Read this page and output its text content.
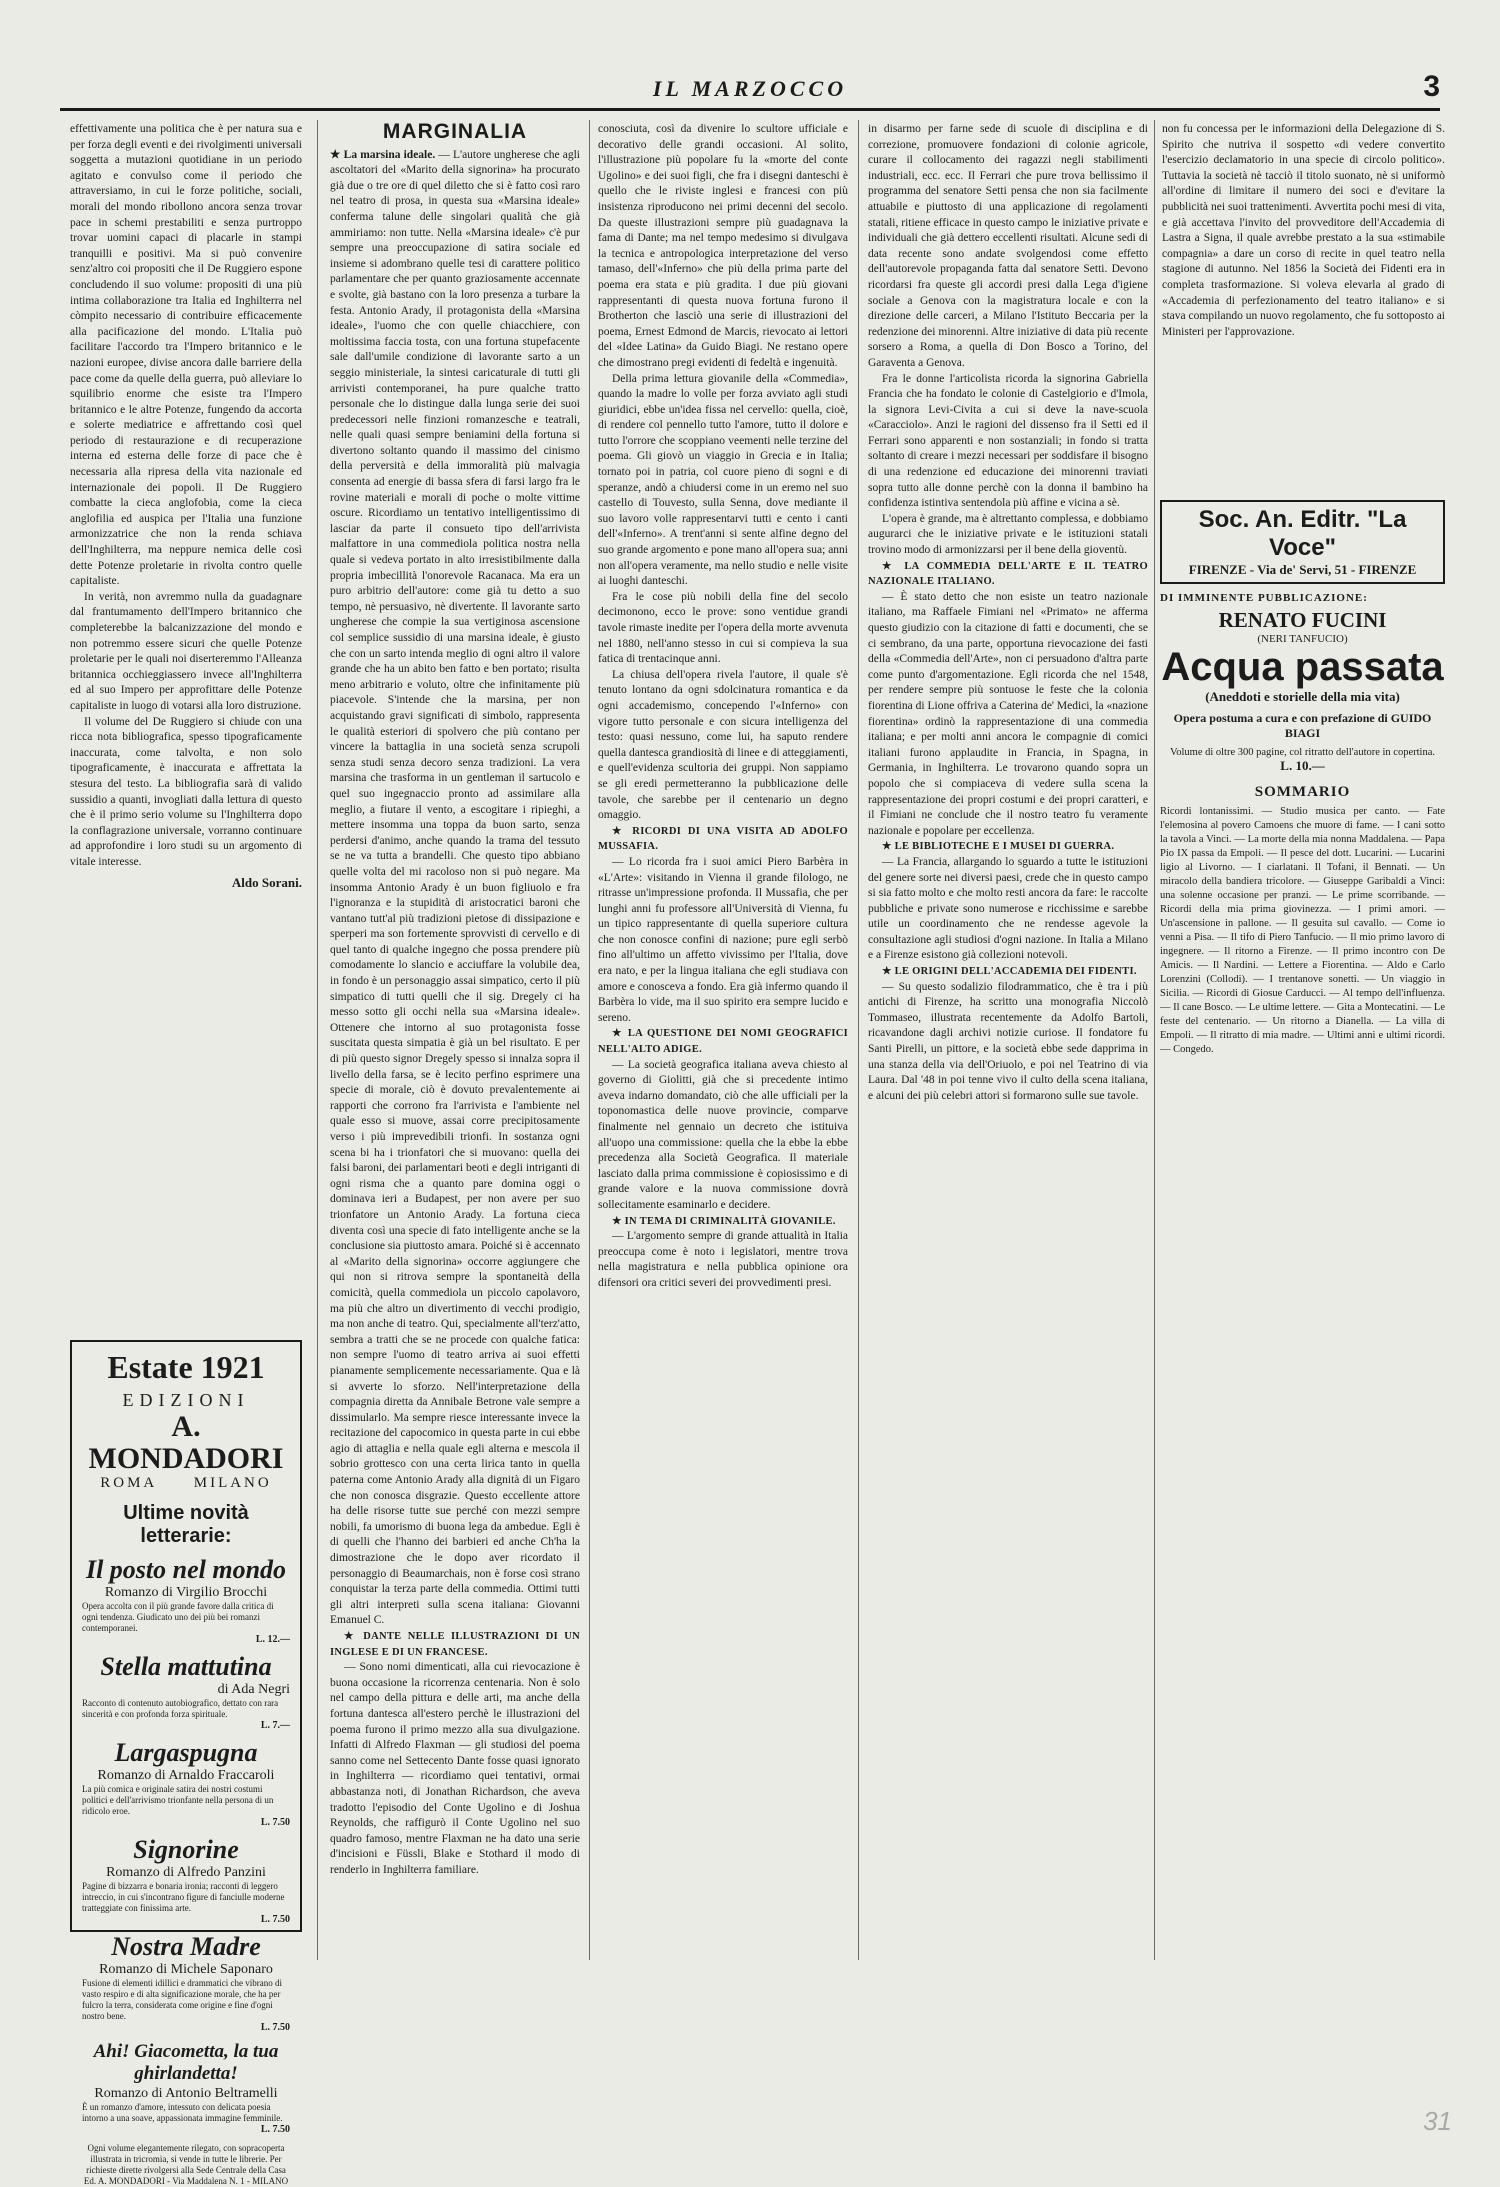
IL MARZOCCO	3

effettivamente una politica che è per natura sua e per forza degli eventi e dei rivolgimenti universali soggetta a mutazioni quotidiane in un periodo agitato e convulso come il periodo che attraversiamo, in cui le forze politiche, sociali, morali del mondo ribollono ancora senza trovar pace in schemi prestabiliti e senza purtroppo trovar uomini capaci di placarle in stampi tranquilli e positivi. Ma si può convenire senz'altro coi propositi che il De Ruggiero espone concludendo il suo volume: propositi di una più intima collaborazione tra Italia ed Inghilterra nel còmpito necessario di contribuire efficacemente alla pacificazione del mondo. L'Italia può facilitare l'accordo tra l'Impero britannico e le nazioni europee, divise ancora dalle barriere della pace come da quelle della guerra, può alleviare lo squilibrio enorme che esiste tra l'Impero britannico e le altre Potenze, fungendo da accorta e solerte mediatrice e affrettando così quel periodo di restaurazione e di recuperazione interna ed esterna delle forze di pace che è necessaria alla ripresa della vita nazionale ed internazionale dei popoli. Il De Ruggiero combatte la cieca anglofobia, come la cieca anglofilia ed auspica per l'Italia una funzione armonizzatrice che non la renda schiava dell'Inghilterra, ma neppure nemica delle così dette Potenze proletarie in rivolta contro quelle capitaliste.

In verità, non avremmo nulla da guadagnare dal frantumamento dell'Impero britannico che completerebbe la balcanizzazione del mondo e non potremmo essere sicuri che quelle Potenze proletarie per le quali noi diserteremmo l'Alleanza britannica occhieggiassero invece all'Inghilterra ed al suo Impero per approfittare delle Potenze capitaliste in luogo di votarsi alla loro distruzione.

Il volume del De Ruggiero si chiude con una ricca nota bibliografica, spesso tipograficamente inaccurata, come talvolta, e non solo tipograficamente, è inaccurata e affrettata la stesura del testo. La bibliografia sarà di valido sussidio a quanti, invogliati dalla lettura di questo che è il primo serio volume su l'Inghilterra dopo la conflagrazione universale, vorranno continuare ad approfondire i loro studi su un argomento di vitale interesse.

Aldo Sorani.
Estate 1921
EDIZIONI
A. MONDADORI
ROMA MILANO
Ultime novità letterarie:
Il posto nel mondo
Romanzo di Virgilio Brocchi
Opera accolta con il più grande favore dalla critica di ogni tendenza. Giudicato uno dei più bei romanzi contemporanei.
L. 12.—
Stella mattutina
di Ada Negri
Racconto di contenuto autobiografico, dettato con rara sincerità e con profonda forza spirituale.
L. 7.—
Largaspugna
Romanzo di Arnaldo Fraccaroli
La più comica e originale satira dei nostri costumi politici e dell'arrivismo trionfante nella persona di un ridicolo eroe.
L. 7.50
Signorine
Romanzo di Alfredo Panzini
Pagine di bizzarra e bonaria ironia; racconti di leggero intreccio, in cui s'incontrano figure di fanciulle moderne tratteggiate con finissima arte.
L. 7.50
Nostra Madre
Romanzo di Michele Saponaro
Fusione di elementi idillici e drammatici che vibrano di vasto respiro e di alta significazione morale, che ha per fulcro la terra, considerata come origine e fine d'ogni nostro bene.
L. 7.50
Ahi! Giacometta, la tua ghirlandetta!
Romanzo di Antonio Beltramelli
È un romanzo d'amore, intessuto con delicata poesia intorno a una soave, appassionata immagine femminile.
L. 7.50
Ogni volume elegantemente rilegato, con sopracoperta illustrata in tricromia, si vende in tutte le librerie. Per richieste dirette rivolgersi alla Sede Centrale della Casa Ed. A. MONDADORI - Via Maddalena N. 1 - MILANO
MARGINALIA

★ La marsina ideale. — L'autore ungherese che agli ascoltatori del «Marito della signorina» ha procurato già due o tre ore di quel diletto che si è fatto così raro nel teatro di prosa, in questa sua «Marsina ideale» conferma talune delle singolari qualità che già ammiriamo: non tutte. Nella «Marsina ideale» c'è pur sempre una preoccupazione di satira sociale ed insieme si adombrano quelle tesi di carattere politico parlamentare che per quanto graziosamente accennate e svolte, già bastano con la loro presenza a turbare la festa. Antonio Arady, il protagonista della «Marsina ideale», l'uomo che con quelle chiacchiere, con moltissima faccia tosta, con una fortuna stupefacente sale dall'umile condizione di lavorante sarto a un seggio ministeriale, la sintesi caricaturale di tutti gli arrivisti contemporanei, ha pure qualche tratto personale che lo distingue dalla lunga serie dei suoi predecessori nelle finzioni romanzesche e teatrali, nelle quali quasi sempre beniamini della fortuna si divertono soltanto quando il massimo del cinismo della perversità e della immoralità più malvagia consenta ad energie di bassa sfera di farsi largo fra le rovine materiali e morali di poche o molte vittime oscure. Ricordiamo un tentativo intelligentissimo di lasciar da parte il consueto tipo dell'arrivista malfattore in una commediola politica nostra nella quale si vedeva portato in alto irresistibilmente dalla propria imbecillità l'onorevole Racanaca. Ma era un puro arbitrio dell'autore: come già tu detto a suo tempo, nè persuasivo, nè divertente. Il lavorante sarto ungherese che compie la sua vertiginosa ascensione col semplice sussidio di una marsina ideale, è giusto che con un sarto intenda meglio di ogni altro il valore grande che ha un abito ben fatto e ben portato; risulta meno arbitrario e voluto, oltre che infinitamente più piacevole. S'intende che la marsina, per non acquistando gravi significati di simbolo, rappresenta le qualità esteriori di spolvero che più contano per vincere la battaglia in una società senza scrupoli senza studi senza decoro senza tradizioni. La vera marsina che trasforma in un gentleman il sartucolo e quel suo ingegnaccio pronto ad assimilare alla meglio, a fiutare il vento, a escogitare i ripieghi, a mettere insomma una toppa da buon sarto, senza perdersi d'animo, anche quando la trama del tessuto se ne va tutta a brandelli. Che questo tipo abbiano quelle volta del mi racoloso non si può negare. Ma insomma Antonio Arady è un buon figliuolo e fra l'ignoranza e la stupidità di aristocratici baroni che vantano tutt'al più tradizioni pietose di dissipazione e sperperi ma son fortemente sprovvisti di cervello e di quel tanto di qualche ingegno che possa prendere più comodamente lo slancio e acciuffare la volubile dea, in fondo è un personaggio assai simpatico, certo il più simpatico di tutti quelli che il sig. Dregely ci ha messo sotto gli occhi nella sua «Marsina ideale». Ottenere che intorno al suo protagonista fosse suscitata questa simpatia è già un bel risultato. E per di più questo signor Dregely spesso si innalza sopra il livello della farsa, se è lecito perfino esprimere una specie di morale, ciò è dovuto prevalentemente ai rapporti che corrono fra l'arrivista e l'ambiente nel quale esso si muove, assai corre precipitosamente verso i più imprevedibili trionfi. In sostanza ogni scena bi ha i trionfatori che si muovano: quella dei falsi baroni, dei parlamentari beoti e degli intriganti di ogni risma che a quanto pare domina oggi o dominava ieri a Budapest, per non avere per suo trionfatore un Antonio Arady. La fortuna cieca diventa così una specie di fato intelligente anche se la conclusione sia piuttosto amara. Poiché si è accennato al «Marito della signorina» occorre aggiungere che qui non si ritrova sempre la spontaneità della comicità, quella commediola un piccolo capolavoro, ma più che altro un divertimento di vecchi prodigio, ma non anche di teatro. Qui, specialmente all'terz'atto, sembra a tratti che se ne procede con qualche fatica: non sempre l'uomo di teatro arriva ai suoi effetti pianamente semplicemente necessariamente. Qua e là si avverte lo sforzo. Nell'interpretazione della compagnia diretta da Annibale Betrone vale sempre a dissimularlo. Ma sempre riesce interessante invece la recitazione del capocomico in questa parte in cui ebbe agio di attaglia e nella quale egli alterna e mescola il sobrio grottesco con una certa lirica tanto in quella paterna come Antonio Arady alla dignità di un Figaro che non conosca disgrazie. Questo eccellente attore ha delle risorse tutte sue perché con mezzi sempre nobili, fa umorismo di buona lega da ambedue. Egli è di quelli che l'hanno dei barbieri ed anche Ch'ha la dimostrazione che le dopo aver ricordato il personaggio di Beaumarchais, non è forse così strano conquistar la terza parte della commedia. Ottimi tutti gli altri interpreti sulla scena italiana: Giovanni Emanuel C.

★ DANTE NELLE ILLUSTRAZIONI DI UN INGLESE E DI UN FRANCESE.

— Sono nomi dimenticati, alla cui rievocazione è buona occasione la ricorrenza centenaria. Non è solo nel campo della pittura e delle arti, ma anche della fortuna dantesca all'estero perchè le illustrazioni del poema furono il primo mezzo alla sua divulgazione. Infatti di Alfredo Flaxman — gli studiosi del poema sanno come nel Settecento Dante fosse quasi ignorato in Inghilterra — ricordiamo quei tentativi, ormai abbastanza noti, di Jonathan Richardson, che aveva tradotto l'episodio del Conte Ugolino e di Joshua Reynolds, che raffigurò il Conte Ugolino nel suo quadro famoso, mentre Flaxman ne ha dato una serie d'incisioni e Füssli, Blake e Stothard il modo di renderlo in Inghilterra familiare.

conosciuta, così da divenire lo scultore ufficiale e decorativo delle grandi occasioni. Al solito, l'illustrazione più popolare fu la «morte del conte Ugolino» e dei suoi figli, che fra i disegni danteschi è quello che le riviste inglesi e francesi con più insistenza riproducono nei primi decenni del secolo. Da queste illustrazioni sempre più guadagnava la fama di Dante; ma nel tempo medesimo si divulgava la tecnica e antropologica interpretazione del verso tamaso, dell'«Inferno» che più della prima parte del poema era stata e più gradita. I due più giovani rappresentanti di questa nuova fortuna furono il Brotherton che lasciò una serie di illustrazioni del poema, Ernest Edmond de Marcis, rievocato ai lettori del «Idee Latina» da Guido Biagi. Ne restano opere che dimostrano pregi evidenti di fedeltà e ingenuità.

Della prima lettura giovanile della «Commedia», quando la madre lo volle per forza avviato agli studi giuridici, ebbe un'idea fissa nel cervello: quella, cioè, di rendere col pennello tutto l'amore, tutto il dolore e tutto l'orrore che scoppiano veementi nelle terzine del poema. Gli giovò un viaggio in Grecia e in Italia; tornato poi in patria, col cuore pieno di sogni e di speranze, andò a chiudersi come in un eremo nel suo castello di Touvesto, sulla Senna, dove mediante il suo lavoro volle rappresentarvi tutti e cento i canti dell'«Inferno». A trent'anni si sente alfine degno del suo grande argomento e pone mano all'opera sua; anni non all'opera veramente, ma nello studio e nelle visite ai luoghi danteschi.

Fra le cose più nobili della fine del secolo decimonono, ecco le prove: sono ventidue grandi tavole rimaste inedite per l'opera della morte avvenuta nel 1880, nell'anno stesso in cui si compieva la sua fatica di trentacinque anni.

La chiusa dell'opera rivela l'autore, il quale s'è tenuto lontano da ogni sdolcinatura romantica e da ogni accademismo, concependo l'«Inferno» con vigore tutto personale e con sicura intelligenza del testo: quasi nessuno, come lui, ha saputo rendere quella dantesca grandiosità di linee e di atteggiamenti, e quell'evidenza scultoria dei gruppi. Non sappiamo se gli eredi permetteranno la pubblicazione delle tavole, che sarebbe per il centenario un degno omaggio.

★ RICORDI DI UNA VISITA AD ADOLFO MUSSAFIA.

— Lo ricorda fra i suoi amici Piero Barbèra in «L'Arte»: visitando in Vienna il grande filologo, ne ritrasse un'impressione profonda. Il Mussafia, che per lunghi anni fu professore all'Università di Vienna, fu un tipico rappresentante di quella superiore cultura che non conosce confini di nazione; pure egli serbò fino all'ultimo un affetto vivissimo per l'Italia, dove era nato, e per la lingua italiana che egli studiava con amore e conosceva a fondo. Era già infermo quando il Barbèra lo vide, ma il suo spirito era sempre lucido e sereno.

★ LA QUESTIONE DEI NOMI GEOGRAFICI NELL'ALTO ADIGE.

— La società geografica italiana aveva chiesto al governo di Giolitti, già che si precedente intimo aveva indarno domandato, ciò che alle ufficiali per la toponomastica delle nuove provincie, comparve finalmente nel gennaio un decreto che istituiva all'uopo una commissione: quella che la ebbe la ebbe precedenza alla Società Geografica. Il materiale lasciato dalla prima commissione è copiosissimo e di grande valore e la nuova commissione dovrà sollecitamente esaminarlo e decidere.

★ IN TEMA DI CRIMINALITÀ GIOVANILE.

— L'argomento sempre di grande attualità in Italia preoccupa come è noto i legislatori, mentre trova nella magistratura e nella pubblica opinione ora difensori ora critici severi dei provvedimenti presi.

in disarmo per farne sede di scuole di disciplina e di correzione, promuovere fondazioni di colonie agricole, curare il collocamento dei ragazzi negli stabilimenti industriali, ecc. ecc. Il Ferrari che pure trova bellissimo il programma del senatore Setti pensa che non sia facilmente attuabile e piuttosto di una applicazione di regolamenti statali, ritiene efficace in questo campo le iniziative private e individuali che già dettero eccellenti risultati. Alcune sedi di data recente sono andate svolgendosi come effetto dell'autorevole propaganda fatta dal senatore Setti. Devono ricordarsi fra queste gli accordi presi dalla Lega d'igiene sociale a Genova con la magistratura locale e con la direzione delle carceri, a Milano l'Istituto Beccaria per la redenzione dei minorenni. Altre iniziative di data più recente sorsero a Roma, a quella di Don Bosco a Torino, del Garaventa a Genova.

Fra le donne l'articolista ricorda la signorina Gabriella Francia che ha fondato le colonie di Castelgiorio e d'Imola, la signora Levi-Civita a cui si deve la nave-scuola «Caracciolo». Anzi le ragioni del dissenso fra il Setti ed il Ferrari sono apparenti e non sostanziali; in fondo si tratta soltanto di creare i mezzi necessari per soddisfare il bisogno di una redenzione ed educazione dei minorenni traviati sopra tutto alle donne perchè con la donna il bambino ha confidenza istintiva sentendola più affine e vicina a sè.

L'opera è grande, ma è altrettanto complessa, e dobbiamo augurarci che le iniziative private e le istituzioni statali trovino modo di armonizzarsi per il bene della gioventù.

★ LA COMMEDIA DELL'ARTE E IL TEATRO NAZIONALE ITALIANO.

— È stato detto che non esiste un teatro nazionale italiano, ma Raffaele Fimiani nel «Primato» ne afferma questo giudizio con la citazione di fatti e documenti, che se ci sembrano, da una parte, opportuna rievocazione dei fasti della «Commedia dell'Arte», non ci persuadono d'altra parte come punto d'argomentazione. Egli ricorda che nel 1548, per rendere sempre più sontuose le feste che la colonia fiorentina di Lione offriva a Caterina de' Medici, la «nazione fiorentina» ordinò la rappresentazione di una commedia italiana; e per molti anni ancora le compagnie di comici italiani furono applaudite in Francia, in Spagna, in Germania, in Inghilterra. Le trovarono quando sopra un popolo che si compiaceva di vedere sulla scena la rappresentazione dei propri costumi e dei propri caratteri, e il Fimiani ne conclude che il nostro teatro fu veramente nazionale e popolare per eccellenza.

★ LE BIBLIOTECHE E I MUSEI DI GUERRA.

— La Francia, allargando lo sguardo a tutte le istituzioni del genere sorte nei diversi paesi, crede che in questo campo si sia fatto molto e che molto resti ancora da fare: le raccolte pubbliche e private sono numerose e ricchissime e sarebbe utile un coordinamento che ne rendesse agevole la consultazione agli studiosi d'ogni nazione. In Italia a Milano e a Firenze esistono già collezioni notevoli.

★ LE ORIGINI DELL'ACCADEMIA DEI FIDENTI.

— Su questo sodalizio filodrammatico, che è tra i più antichi di Firenze, ha scritto una monografia Niccolò Tommaseo, illustrata recentemente da Adolfo Bartoli, ricavandone dagli archivi notizie curiose. Il fondatore fu Santi Pirelli, un pittore, e la società ebbe sede dapprima in una stanza della via dell'Oriuolo, e poi nel Teatrino di via Laura. Dal '48 in poi tenne vivo il culto della scena italiana, e alcuni dei più celebri attori si formarono sulle sue tavole.

non fu concessa per le informazioni della Delegazione di S. Spirito che nutriva il sospetto «di vedere convertito l'esercizio declamatorio in una specie di circolo politico». Tuttavia la società nè tacciò il titolo suonato, nè si uniformò all'ordine di limitare il numero dei soci e d'evitare la pubblicità nei suoi trattenimenti. Avvertita pochi mesi di vita, e già accettava l'invito del provveditore dell'Accademia di Lastra a Signa, il quale avrebbe prestato a la sua «stimabile compagnia» a dare un corso di recite in quel teatro nella stagione di autunno. Nel 1856 la Società dei Fidenti era in completa trasformazione. Si voleva elevarla al grado di «Accademia di perfezionamento del teatro italiano» e si stava compilando un nuovo regolamento, che fu sottoposto ai Ministeri per l'approvazione.

Soc. An. Editr. "La Voce"
FIRENZE - Via de' Servi, 51 - FIRENZE
DI IMMINENTE PUBBLICAZIONE:
RENATO FUCINI
(NERI TANFUCIO)
Acqua passata
(Aneddoti e storielle della mia vita)
Opera postuma a cura e con prefazione di GUIDO BIAGI
Volume di oltre 300 pagine, col ritratto dell'autore in copertina.
L. 10.—
SOMMARIO
Ricordi lontanissimi. — Studio musica per canto. — Fate l'elemosina al povero Camoens che muore di fame. — I cani sotto la tavola a Vinci. — La morte della mia nonna Maddalena. — Papa Pio IX passa da Empoli. — Il pesce del dott. Lucarini. — Lucarini ligio al Livorno. — I ciarlatani. Il Tofani, il Bennati. — Un miracolo della bandiera tricolore. — Giuseppe Garibaldi a Vinci: una solenne occasione per pranzi. — Le prime scorribande. — Ricordi della mia prima giovinezza. — I primi amori. — Un'ascensione in pallone. — Il gesuita sul cavallo. — Come io venni a Pisa. — Il tifo di Piero Tanfucio. — Il mio primo lavoro di ingegnere. — Il ritorno a Firenze. — Il primo incontro con De Amicis. — Il Nardini. — Lettere a Fiorentina. — Aldo e Carlo Lorenzini (Collodi). — I trentanove sonetti. — Un viaggio in Sicilia. — Ricordi di Giosue Carducci. — Al tempo dell'influenza. — Il cane Bosco. — Le ultime lettere. — Gita a Montecatini. — Le feste del centenario. — Un ritorno a Dianella. — La villa di Empoli. — Il ritratto di mia madre. — Ultimi anni e ultimi ricordi. — Congedo.
31
